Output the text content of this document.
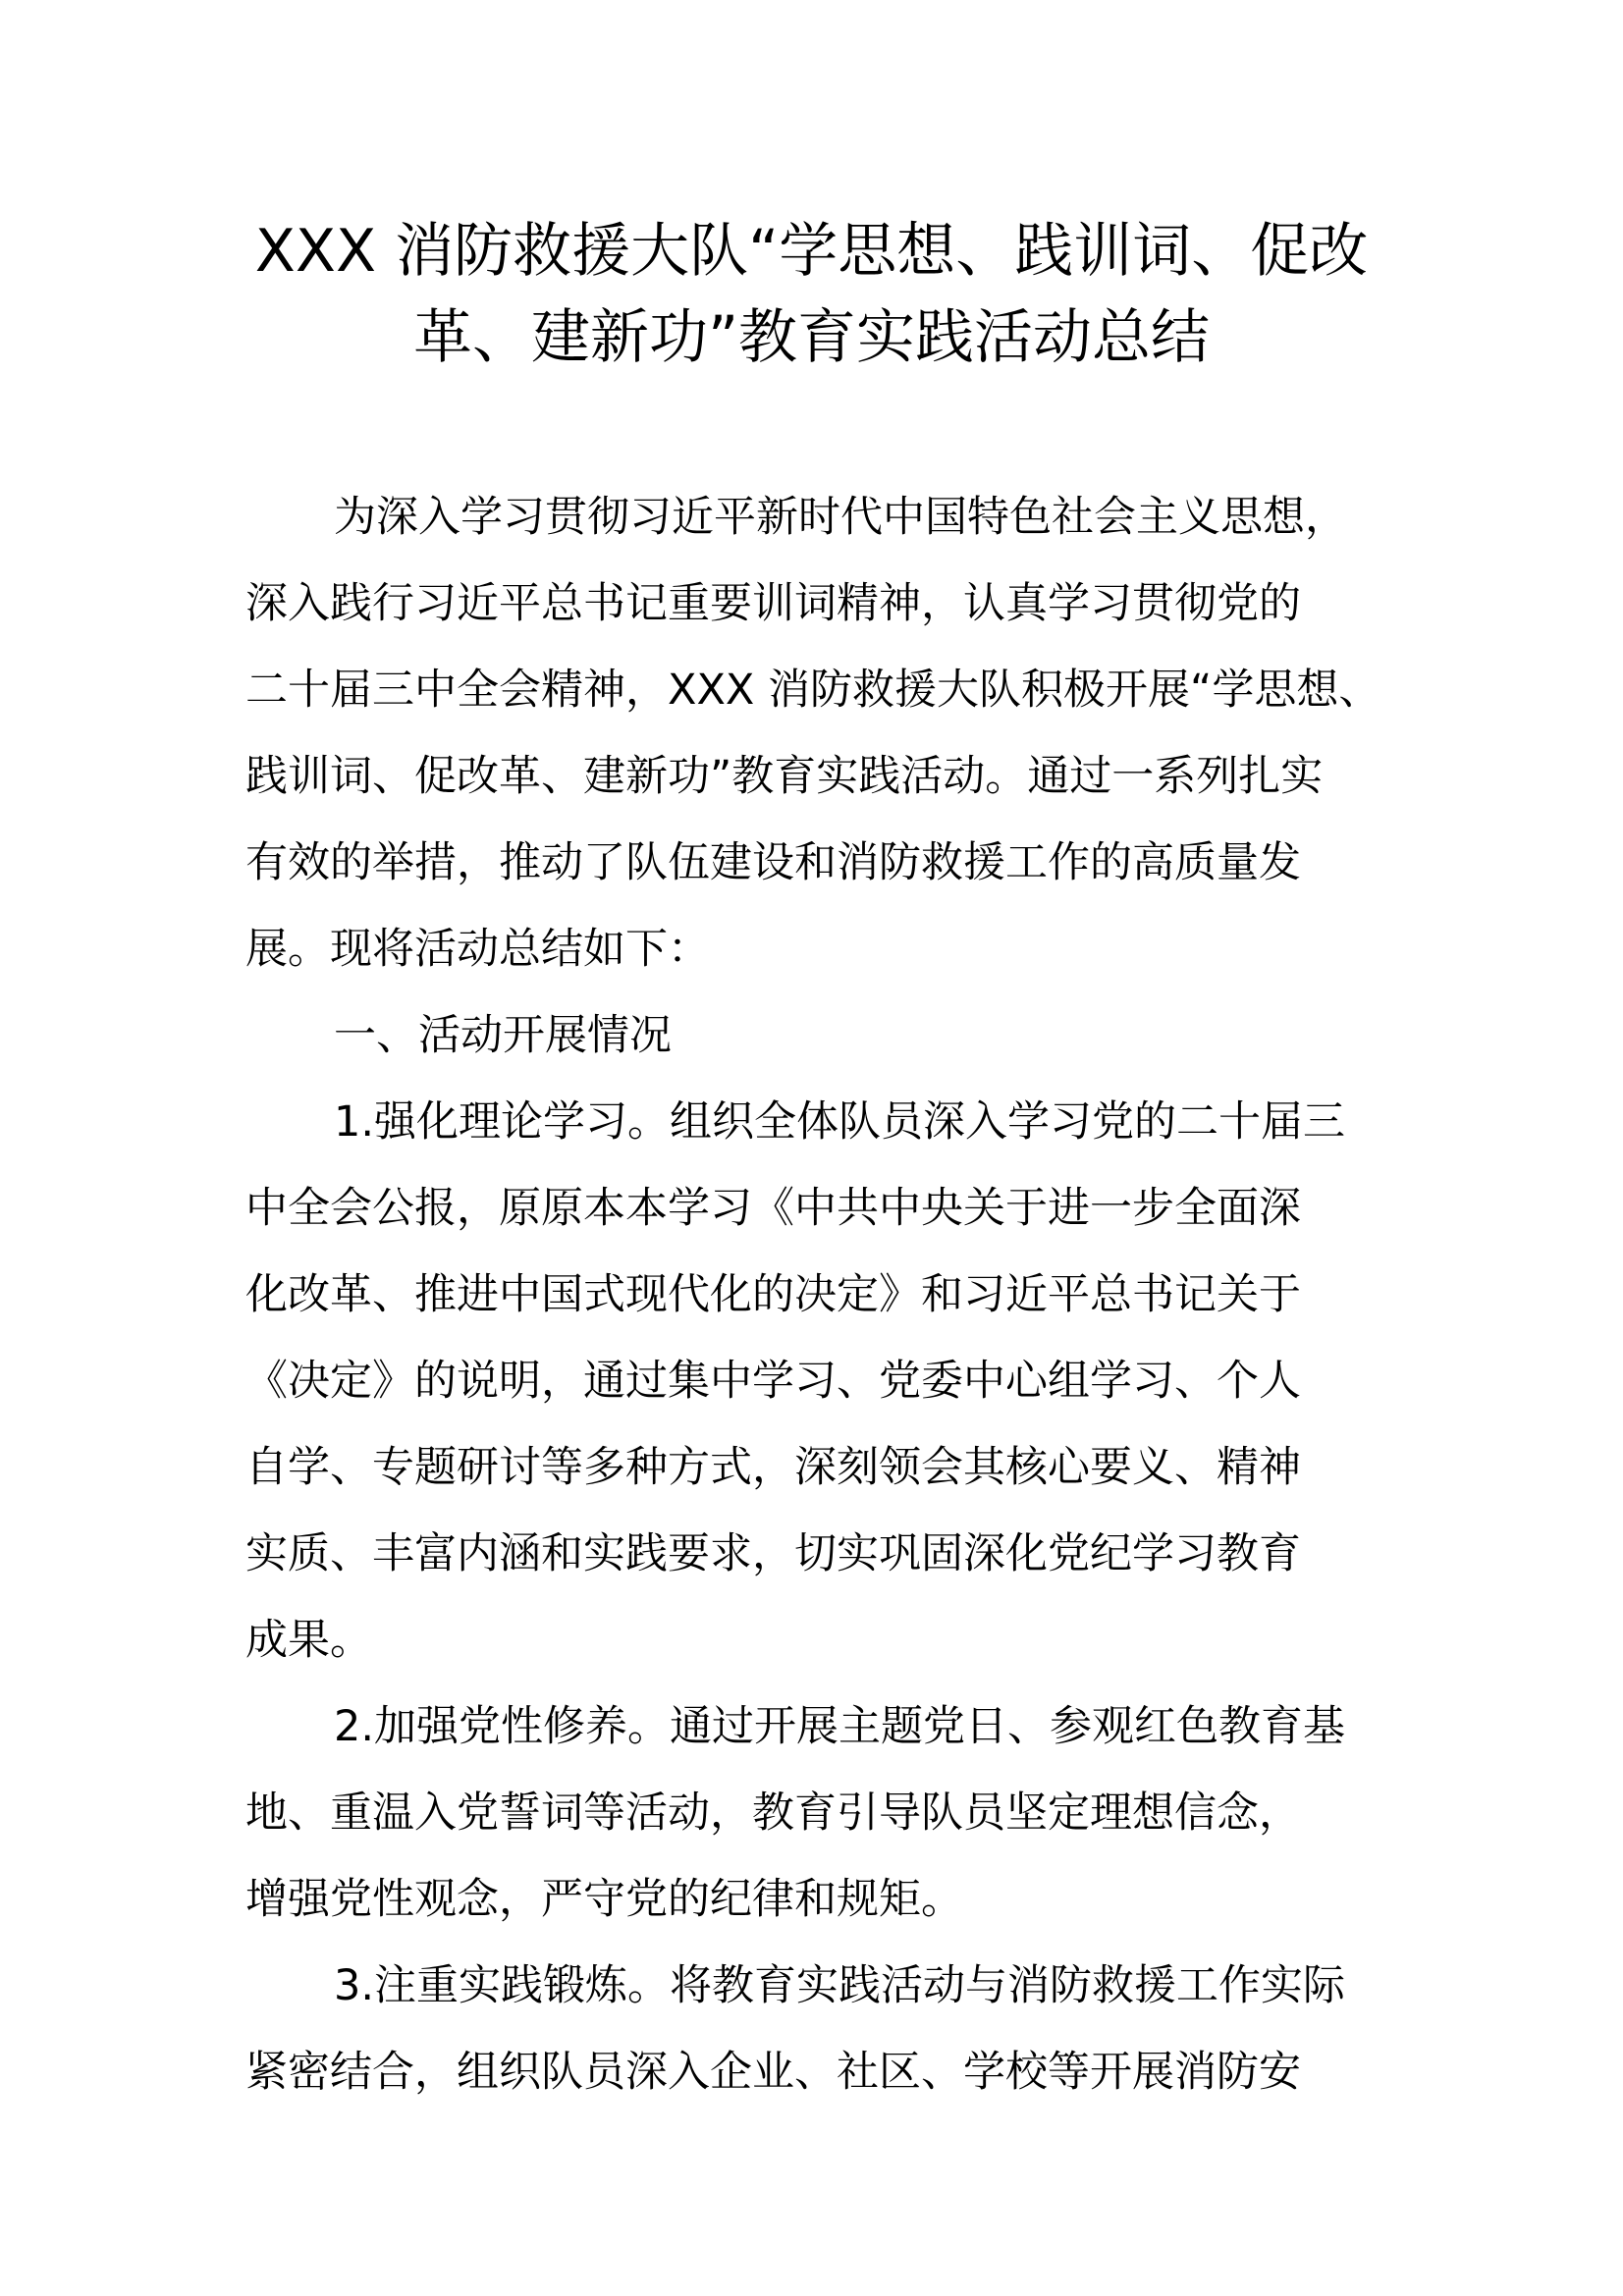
XXX 消防救援大队“学思想、践训词、促改
革、建新功”教育实践活动总结
为深入学习贯彻习近平新时代中国特色社会主义思想，
深入践行习近平总书记重要训词精神，认真学习贯彻党的
二十届三中全会精神，XXX 消防救援大队积极开展“学思想、
践训词、促改革、建新功”教育实践活动。通过一系列扎实
有效的举措，推动了队伍建设和消防救援工作的高质量发
展。现将活动总结如下：
一、活动开展情况
1.强化理论学习。组织全体队员深入学习党的二十届三
中全会公报，原原本本学习《中共中央关于进一步全面深
化改革、推进中国式现代化的决定》和习近平总书记关于
《决定》的说明，通过集中学习、党委中心组学习、个人
自学、专题研讨等多种方式，深刻领会其核心要义、精神
实质、丰富内涵和实践要求，切实巩固深化党纪学习教育
成果。
2.加强党性修养。通过开展主题党日、参观红色教育基
地、重温入党誓词等活动，教育引导队员坚定理想信念，
增强党性观念，严守党的纪律和规矩。
3.注重实践锻炼。将教育实践活动与消防救援工作实际
紧密结合，组织队员深入企业、社区、学校等开展消防安
